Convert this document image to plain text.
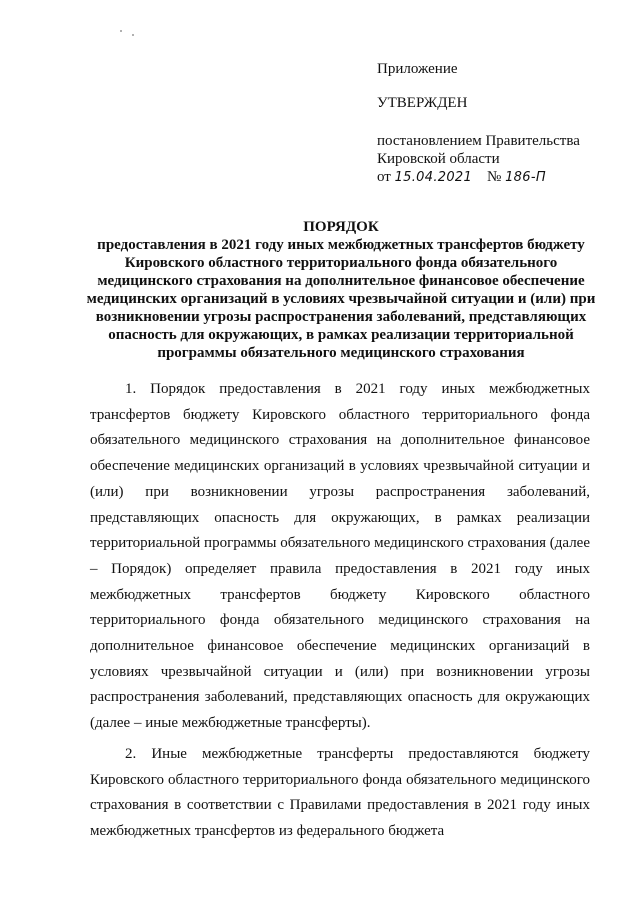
Приложение
УТВЕРЖДЕН
постановлением Правительства
Кировской области
от 15.04.2021 № 186-П
ПОРЯДОК
предоставления в 2021 году иных межбюджетных трансфертов бюджету Кировского областного территориального фонда обязательного медицинского страхования на дополнительное финансовое обеспечение медицинских организаций в условиях чрезвычайной ситуации и (или) при возникновении угрозы распространения заболеваний, представляющих опасность для окружающих, в рамках реализации территориальной программы обязательного медицинского страхования

1. Порядок предоставления в 2021 году иных межбюджетных трансфертов бюджету Кировского областного территориального фонда обязательного медицинского страхования на дополнительное финансовое обеспечение медицинских организаций в условиях чрезвычайной ситуации и (или) при возникновении угрозы распространения заболеваний, представляющих опасность для окружающих, в рамках реализации территориальной программы обязательного медицинского страхования (далее – Порядок) определяет правила предоставления в 2021 году иных межбюджетных трансфертов бюджету Кировского областного территориального фонда обязательного медицинского страхования на дополнительное финансовое обеспечение медицинских организаций в условиях чрезвычайной ситуации и (или) при возникновении угрозы распространения заболеваний, представляющих опасность для окружающих (далее – иные межбюджетные трансферты).

2. Иные межбюджетные трансферты предоставляются бюджету Кировского областного территориального фонда обязательного медицинского страхования в соответствии с Правилами предоставления в 2021 году иных межбюджетных трансфертов из федерального бюджета
